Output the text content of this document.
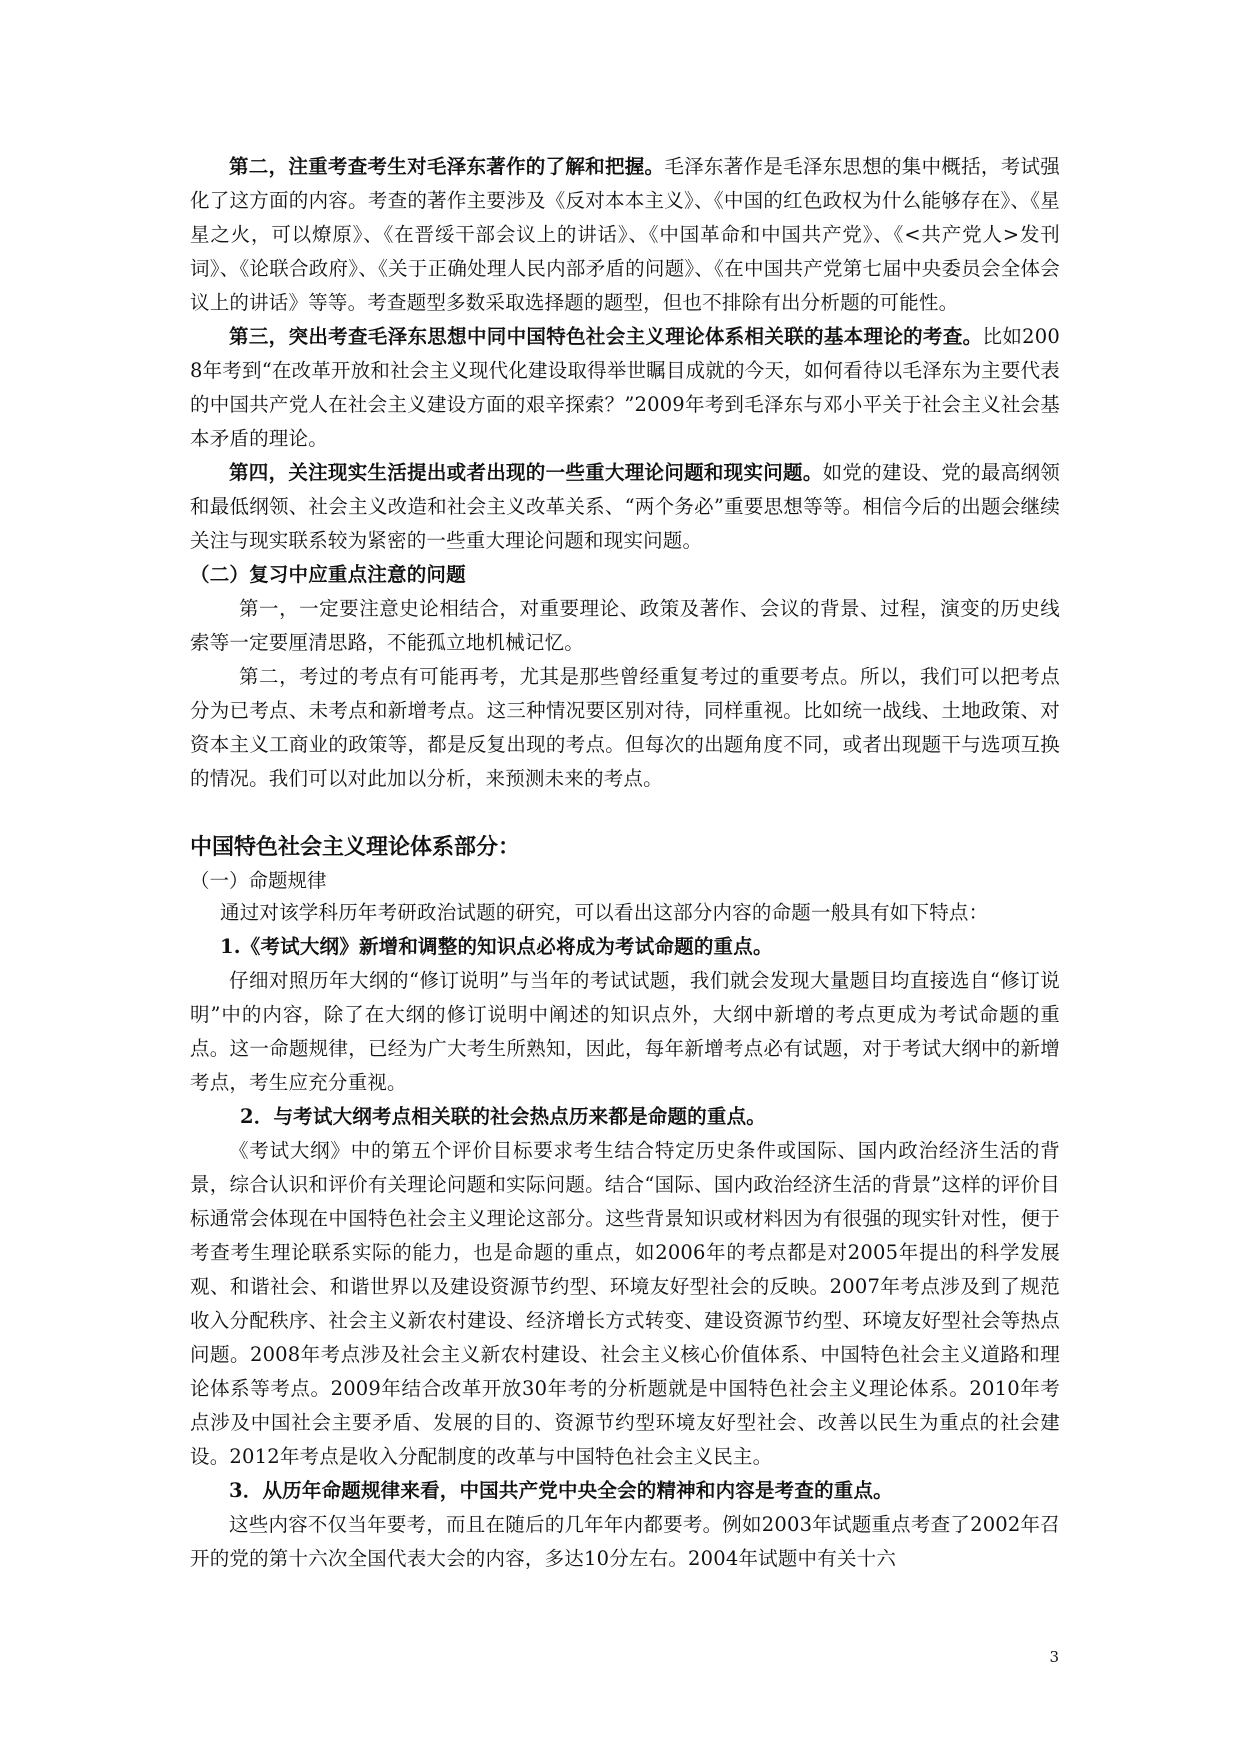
第二，注重考查考生对毛泽东著作的了解和把握。毛泽东著作是毛泽东思想的集中概括，考试强化了这方面的内容。考查的著作主要涉及《反对本本主义》、《中国的红色政权为什么能够存在》、《星星之火，可以燎原》、《在晋绥干部会议上的讲话》、《中国革命和中国共产党》、《<共产党人>发刊词》、《论联合政府》、《关于正确处理人民内部矛盾的问题》、《在中国共产党第七届中央委员会全体会议上的讲话》等等。考查题型多数采取选择题的题型，但也不排除有出分析题的可能性。

第三，突出考查毛泽东思想中同中国特色社会主义理论体系相关联的基本理论的考查。比如2008年考到“在改革开放和社会主义现代化建设取得举世瞩目成就的今天，如何看待以毛泽东为主要代表的中国共产党人在社会主义建设方面的艰辛探索？”2009年考到毛泽东与邓小平关于社会主义社会基本矛盾的理论。

第四，关注现实生活提出或者出现的一些重大理论问题和现实问题。如党的建设、党的最高纲领和最低纲领、社会主义改造和社会主义改革关系、“两个务必”重要思想等等。相信今后的出题会继续关注与现实联系较为紧密的一些重大理论问题和现实问题。

（二）复习中应重点注意的问题

第一，一定要注意史论相结合，对重要理论、政策及著作、会议的背景、过程，演变的历史线索等一定要厘清思路，不能孤立地机械记忆。

第二，考过的考点有可能再考，尤其是那些曾经重复考过的重要考点。所以，我们可以把考点分为已考点、未考点和新增考点。这三种情况要区别对待，同样重视。比如统一战线、土地政策、对资本主义工商业的政策等，都是反复出现的考点。但每次的出题角度不同，或者出现题干与选项互换的情况。我们可以对此加以分析，来预测未来的考点。

中国特色社会主义理论体系部分：
（一）命题规律

通过对该学科历年考研政治试题的研究，可以看出这部分内容的命题一般具有如下特点：

1.《考试大纲》新增和调整的知识点必将成为考试命题的重点。

仔细对照历年大纲的“修订说明”与当年的考试试题，我们就会发现大量题目均直接选自“修订说明”中的内容，除了在大纲的修订说明中阐述的知识点外，大纲中新增的考点更成为考试命题的重点。这一命题规律，已经为广大考生所熟知，因此，每年新增考点必有试题，对于考试大纲中的新增考点，考生应充分重视。

2．与考试大纲考点相关联的社会热点历来都是命题的重点。

《考试大纲》中的第五个评价目标要求考生结合特定历史条件或国际、国内政治经济生活的背景，综合认识和评价有关理论问题和实际问题。结合“国际、国内政治经济生活的背景”这样的评价目标通常会体现在中国特色社会主义理论这部分。这些背景知识或材料因为有很强的现实针对性，便于考查考生理论联系实际的能力，也是命题的重点，如2006年的考点都是对2005年提出的科学发展观、和谐社会、和谐世界以及建设资源节约型、环境友好型社会的反映。2007年考点涉及到了规范收入分配秩序、社会主义新农村建设、经济增长方式转变、建设资源节约型、环境友好型社会等热点问题。2008年考点涉及社会主义新农村建设、社会主义核心价值体系、中国特色社会主义道路和理论体系等考点。2009年结合改革开放30年考的分析题就是中国特色社会主义理论体系。2010年考点涉及中国社会主要矛盾、发展的目的、资源节约型环境友好型社会、改善以民生为重点的社会建设。2012年考点是收入分配制度的改革与中国特色社会主义民主。

3．从历年命题规律来看，中国共产党中央全会的精神和内容是考查的重点。

这些内容不仅当年要考，而且在随后的几年年内都要考。例如2003年试题重点考查了2002年召开的党的第十六次全国代表大会的内容，多达10分左右。2004年试题中有关十六

3
